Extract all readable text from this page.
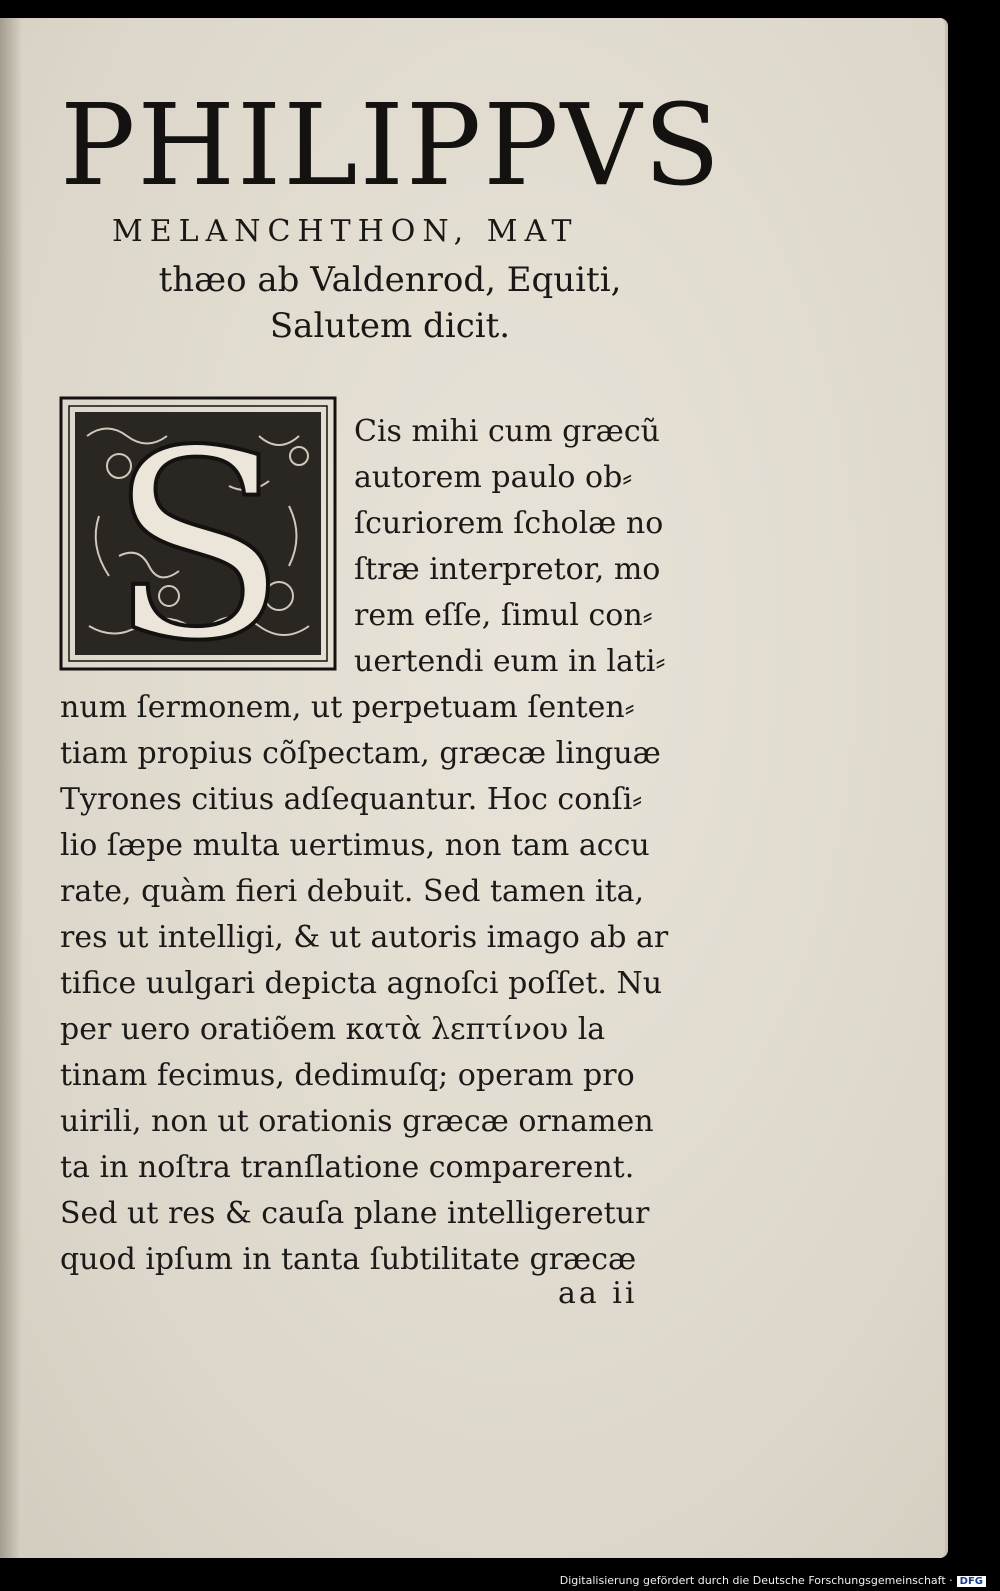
PHILIPPVS
MELANCHTHON, MAT
thæo ab Valdenrod, Equiti,
Salutem dicit.
S Cis mihi cum græcũ
autorem paulo ob⸗
ſcuriorem ſcholæ no
ſtræ interpretor, mo
rem eſſe, ſimul con⸗
uertendi eum in lati⸗
num ſermonem, ut perpetuam ſenten⸗
tiam propius cõſpectam, græcæ linguæ
Tyrones citius adſequantur. Hoc conſi⸗
lio ſæpe multa uertimus, non tam accu
rate, quàm fieri debuit. Sed tamen ita,
res ut intelligi, & ut autoris imago ab ar
tifice uulgari depicta agnoſci poſſet. Nu
per uero oratiõem κατὰ λεπτίνου la
tinam fecimus, dedimuſq; operam pro
uirili, non ut orationis græcæ ornamen
ta in noſtra tranſlatione comparerent.
Sed ut res & cauſa plane intelligeretur
quod ipſum in tanta ſubtilitate græcæ
aa ii
Digitalisierung gefördert durch die Deutsche Forschungsgemeinschaft · DFG
